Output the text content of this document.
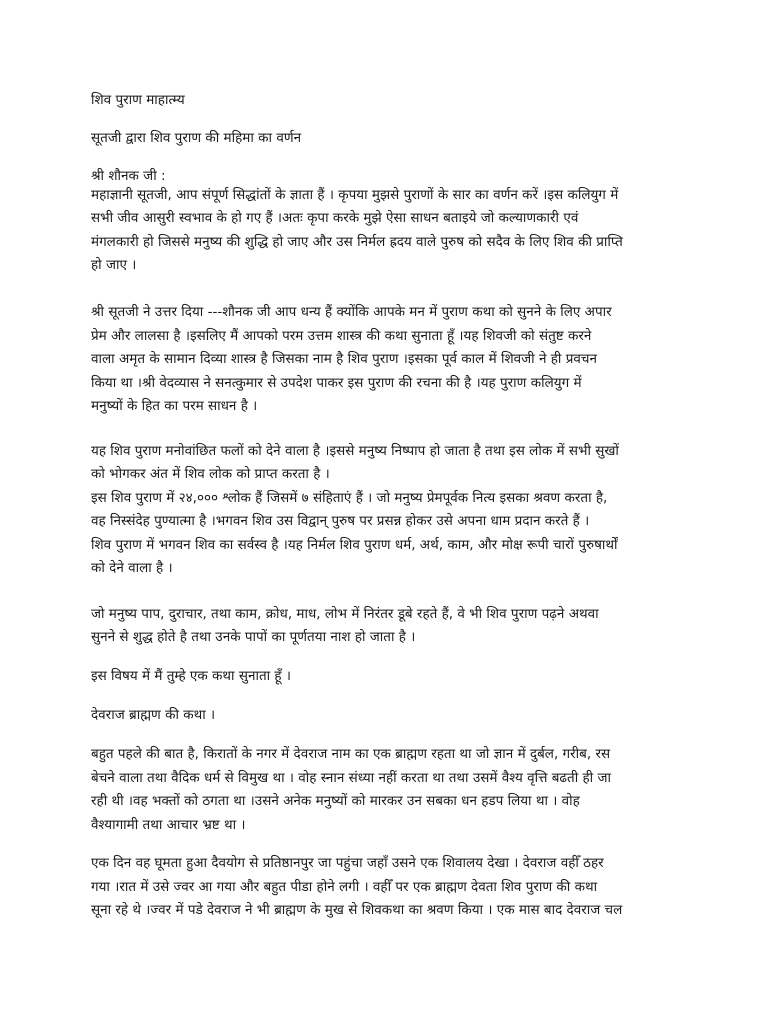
शिव पुराण माहात्म्य
सूतजी द्वारा शिव पुराण की महिमा का वर्णन
श्री शौनक जी :
महाज्ञानी सूतजी, आप संपूर्ण सिद्धांतों के ज्ञाता हैं । कृपया मुझसे पुराणों के सार का वर्णन करें ।इस कलियुग में
सभी जीव आसुरी स्वभाव के हो गए हैं ।अतः कृपा करके मुझे ऐसा साधन बताइये जो कल्याणकारी एवं
मंगलकारी हो जिससे मनुष्य की शुद्धि हो जाए और उस निर्मल ह्रदय वाले पुरुष को सदैव के लिए शिव की प्राप्ति
हो जाए ।
श्री सूतजी ने उत्तर दिया ---शौनक जी आप धन्य हैं क्योंकि आपके मन में पुराण कथा को सुनने के लिए अपार
प्रेम और लालसा है ।इसलिए मैं आपको परम उत्तम शास्त्र की कथा सुनाता हूँ ।यह शिवजी को संतुष्ट करने
वाला अमृत के सामान दिव्या शास्त्र है जिसका नाम है शिव पुराण ।इसका पूर्व काल में शिवजी ने ही प्रवचन
किया था ।श्री वेदव्यास ने सनत्कुमार से उपदेश पाकर इस पुराण की रचना की है ।यह पुराण कलियुग में
मनुष्यों के हित का परम साधन है ।
यह शिव पुराण मनोवांछित फलों को देने वाला है ।इससे मनुष्य निष्पाप हो जाता है तथा इस लोक में सभी सुखों
को भोगकर अंत में शिव लोक को प्राप्त करता है ।
इस शिव पुराण में २४,००० श्लोक हैं जिसमें ७ संहिताएं हैं । जो मनुष्य प्रेमपूर्वक नित्य इसका श्रवण करता है,
वह निस्संदेह पुण्यात्मा है ।भगवन शिव उस विद्वान् पुरुष पर प्रसन्न होकर उसे अपना धाम प्रदान करते हैं ।
शिव पुराण में भगवन शिव का सर्वस्व है ।यह निर्मल शिव पुराण धर्म, अर्थ, काम, और मोक्ष रूपी चारों पुरुषार्थों
को देने वाला है ।
जो मनुष्य पाप, दुराचार, तथा काम, क्रोध, माध, लोभ में निरंतर डूबे रहते हैं, वे भी शिव पुराण पढ़ने अथवा
सुनने से शुद्ध होते है तथा उनके पापों का पूर्णतया नाश हो जाता है ।
इस विषय में मैं तुम्हे एक कथा सुनाता हूँ ।
देवराज ब्राह्मण की कथा ।
बहुत पहले की बात है, किरातों के नगर में देवराज नाम का एक ब्राह्मण रहता था जो ज्ञान में दुर्बल, गरीब, रस
बेचने वाला तथा वैदिक धर्म से विमुख था । वोह स्नान संध्या नहीं करता था तथा उसमें वैश्य वृत्ति बढती ही जा
रही थी ।वह भक्तों को ठगता था ।उसने अनेक मनुष्यों को मारकर उन सबका धन हडप लिया था । वोह
वैश्यागामी तथा आचार भ्रष्ट था ।
एक दिन वह घूमता हुआ दैवयोग से प्रतिष्ठानपुर जा पहुंचा जहाँ उसने एक शिवालय देखा । देवराज वहीँ ठहर
गया ।रात में उसे ज्वर आ गया और बहुत पीडा होने लगी । वहीँ पर एक ब्राह्मण देवता शिव पुराण की कथा
सूना रहे थे ।ज्वर में पडे देवराज ने भी ब्राह्मण के मुख से शिवकथा का श्रवण किया । एक मास बाद देवराज चल
